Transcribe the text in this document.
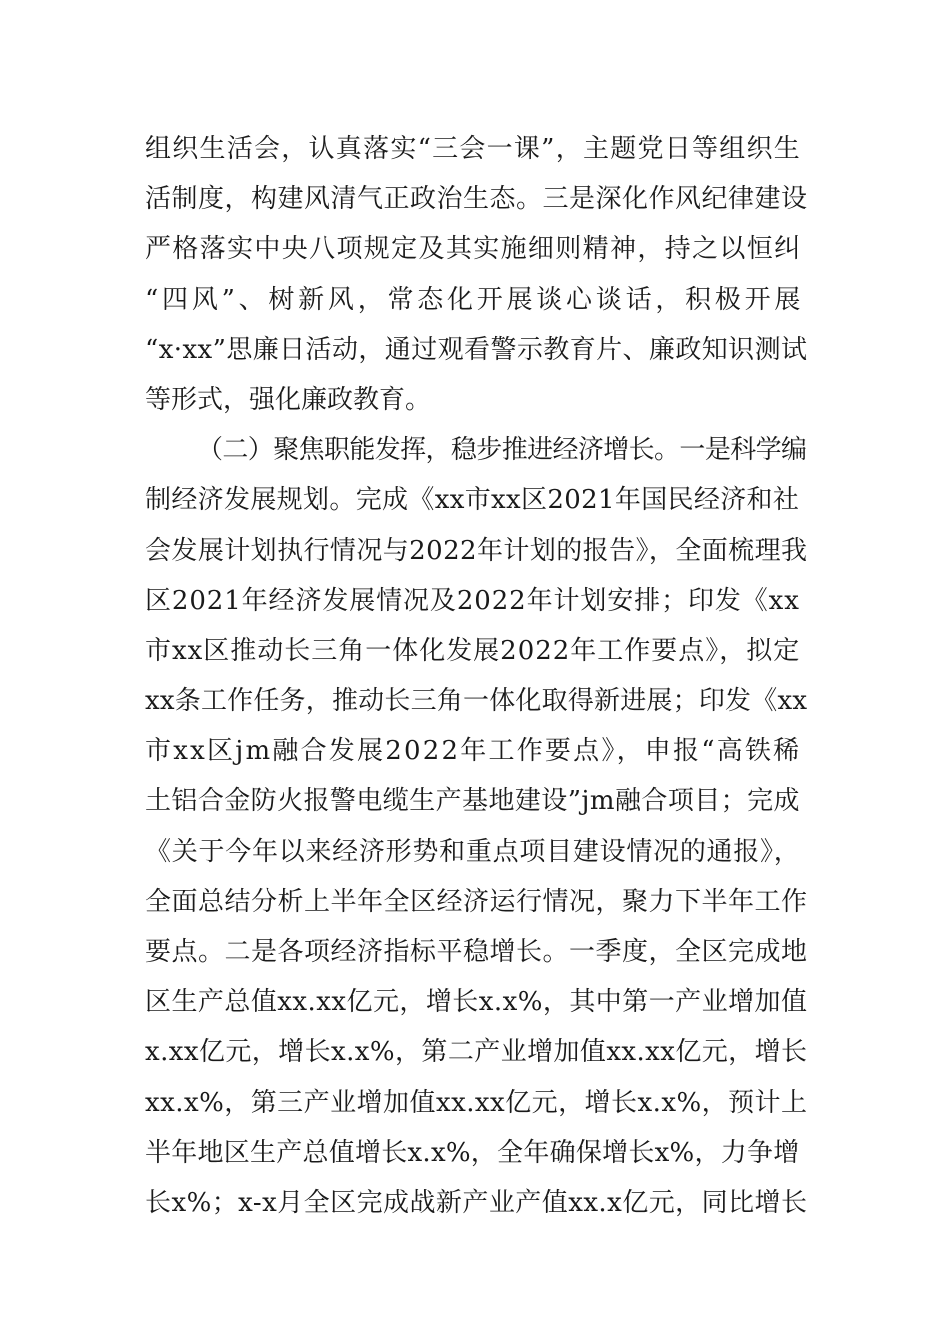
组织生活会，认真落实“三会一课”，主题党日等组织生
活制度，构建风清气正政治生态。三是深化作风纪律建设
严格落实中央八项规定及其实施细则精神，持之以恒纠
“四风”、树新风，常态化开展谈心谈话，积极开展
“x·xx”思廉日活动，通过观看警示教育片、廉政知识测试
等形式，强化廉政教育。
（二）聚焦职能发挥，稳步推进经济增长。一是科学编
制经济发展规划。完成《xx市xx区2021年国民经济和社
会发展计划执行情况与2022年计划的报告》，全面梳理我
区2021年经济发展情况及2022年计划安排；印发《xx
市xx区推动长三角一体化发展2022年工作要点》，拟定
xx条工作任务，推动长三角一体化取得新进展；印发《xx
市xx区jm融合发展2022年工作要点》，申报“高铁稀
土铝合金防火报警电缆生产基地建设”jm融合项目；完成
《关于今年以来经济形势和重点项目建设情况的通报》，
全面总结分析上半年全区经济运行情况，聚力下半年工作
要点。二是各项经济指标平稳增长。一季度，全区完成地
区生产总值xx.xx亿元，增长x.x%，其中第一产业增加值
x.xx亿元，增长x.x%，第二产业增加值xx.xx亿元，增长
xx.x%，第三产业增加值xx.xx亿元，增长x.x%，预计上
半年地区生产总值增长x.x%，全年确保增长x%，力争增
长x%；x-x月全区完成战新产业产值xx.x亿元，同比增长
